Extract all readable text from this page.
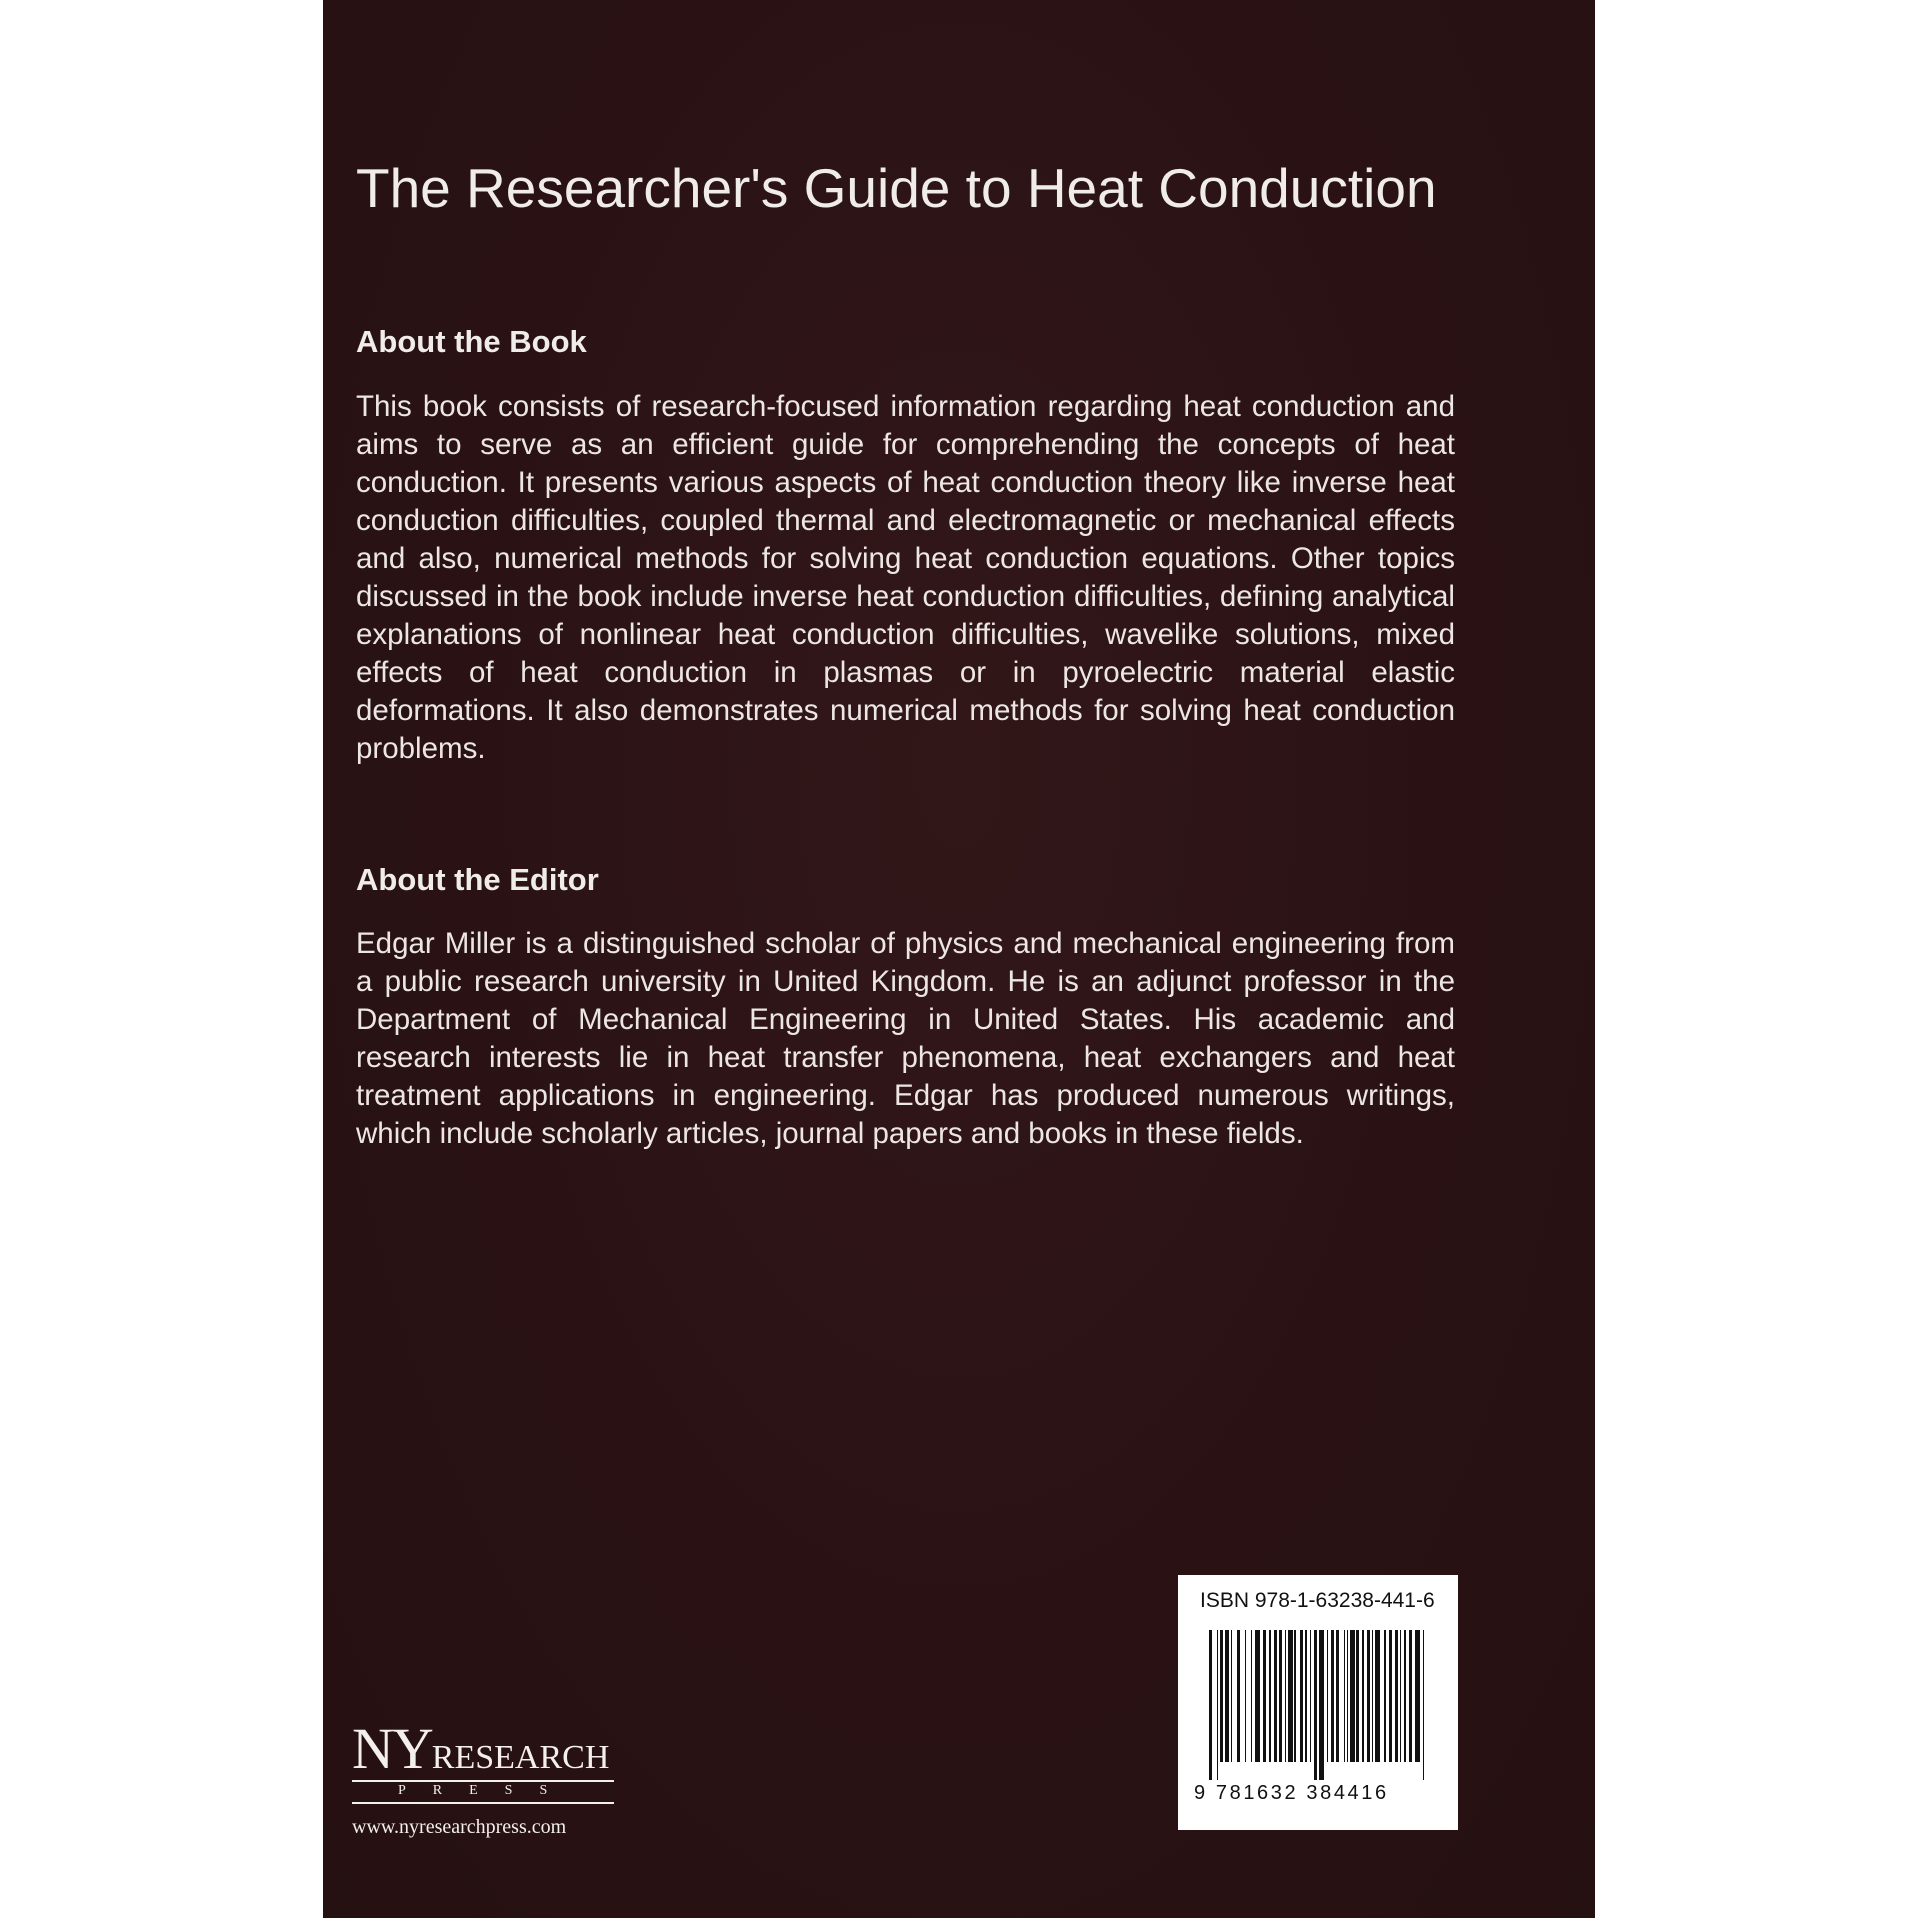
The Researcher's Guide to Heat Conduction
About the Book

This book consists of research-focused information regarding heat conduction and aims to serve as an efficient guide for comprehending the concepts of heat conduction. It presents various aspects of heat conduction theory like inverse heat conduction difficulties, coupled thermal and electromagnetic or mechanical effects and also, numerical methods for solving heat conduction equations. Other topics discussed in the book include inverse heat conduction difficulties, defining analytical explanations of nonlinear heat conduction difficulties, wavelike solutions, mixed effects of heat conduction in plasmas or in pyroelectric material elastic deformations. It also demonstrates numerical methods for solving heat conduction problems.

About the Editor

Edgar Miller is a distinguished scholar of physics and mechanical engineering from a public research university in United Kingdom. He is an adjunct professor in the Department of Mechanical Engineering in United States. His academic and research interests lie in heat transfer phenomena, heat exchangers and heat treatment applications in engineering. Edgar has produced numerous writings, which include scholarly articles, journal papers and books in these fields.

ISBN 978-1-63238-441-6
9 781632 384416
NYRESEARCH
PRESS
www.nyresearchpress.com
